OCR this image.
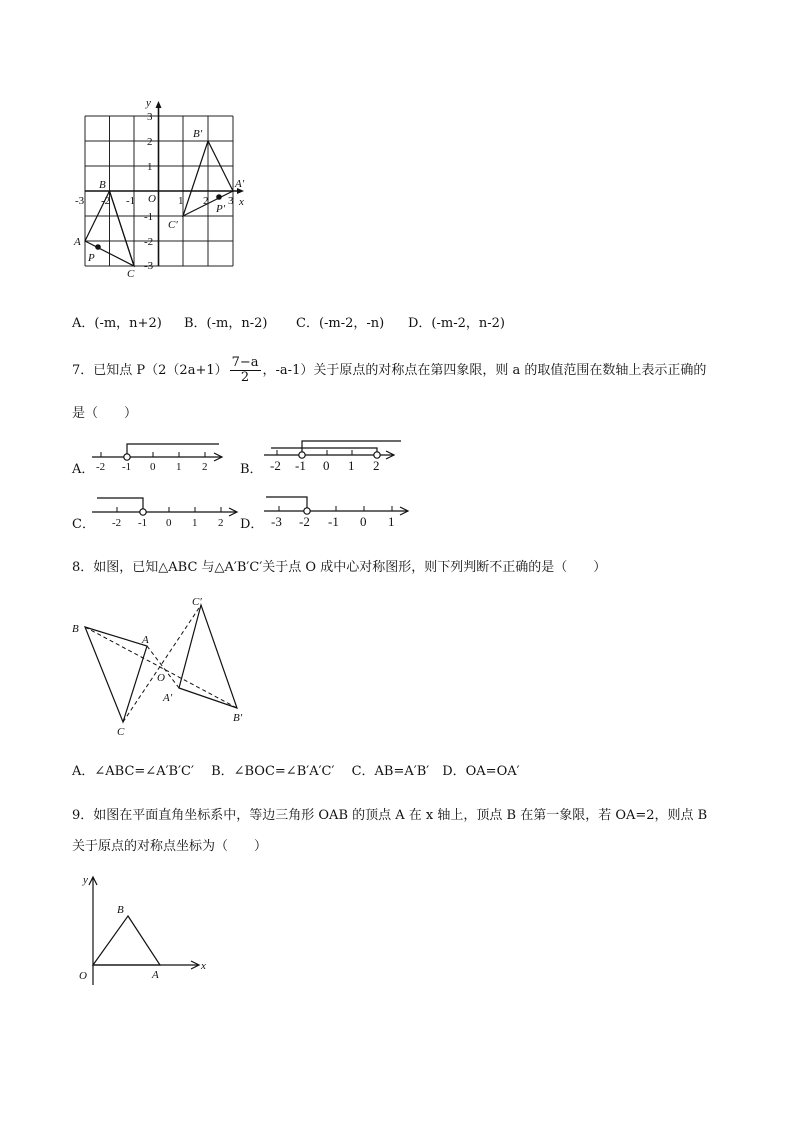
-3 -2 -1	1 2 3
3
2
1
-1
-2
-3
y
x
O
A
B
C
P
A′
B′
C′
P′
A．(-m，n+2) B．(-m，n-2) C．(-m-2，-n) D．(-m-2，n-2)
7．已知点 $P(2(2a+1) \frac{7-a}{2}$ ，-a-1）关于原点的对称点在第四象限，则 a 的取值范围在数轴上表示正确的
是（　　）
A． -2 -1 0 1 2	B． -2 -1 0 1 2
C． -2 -1 0 1 2 D． -3 -2 -1 0 1
8．如图，已知△ABC 与△A′B′C′关于点 O 成中心对称图形，则下列判断不正确的是（　　）
B
A
C
C′
A′
B′
O
A．∠ABC=∠A′B′C′　 B．∠BOC=∠B′A′C′　 C．AB=A′B′　D．OA=OA′
9．如图在平面直角坐标系中，等边三角形 OAB 的顶点 A 在 x 轴上，顶点 B 在第一象限，若 OA=2，则点 B
关于原点的对称点坐标为（　　）
y
x
O	A
B
